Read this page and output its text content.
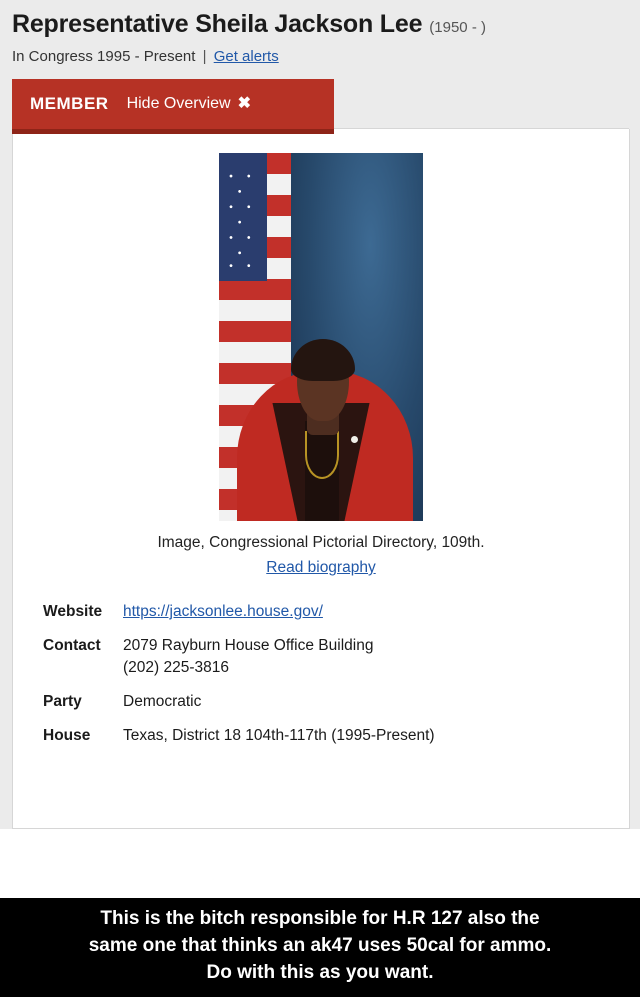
Representative Sheila Jackson Lee (1950 - )
In Congress 1995 - Present | Get alerts
MEMBER	Hide Overview ✖
Image, Congressional Pictorial Directory, 109th.
Read biography
Website	https://jacksonlee.house.gov/
Contact	2079 Rayburn House Office Building
(202) 225-3816
Party	Democratic
House	Texas, District 18 104th-117th (1995-Present)
This is the bitch responsible for H.R 127 also the
same one that thinks an ak47 uses 50cal for ammo.
Do with this as you want.
